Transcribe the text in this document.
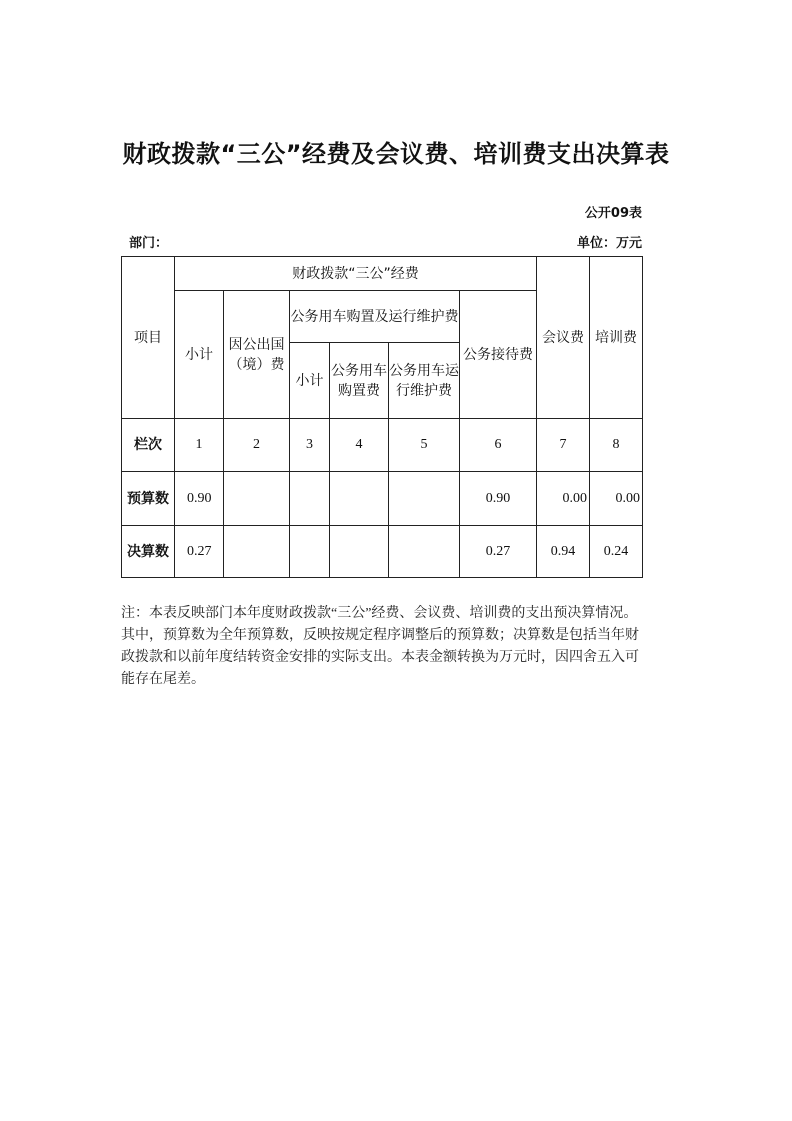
财政拨款“三公”经费及会议费、培训费支出决算表
公开09表
部门：	单位：万元
项目	财政拨款“三公”经费						会议费	培训费
	小计	因公出国（境）费	公务用车购置及运行维护费			公务接待费		
			小计	公务用车购置费	公务用车运行维护费			
栏次	1	2	3	4	5	6	7	8
预算数	0.90					0.90	0.00	0.00
决算数	0.27					0.27	0.94	0.24
注：本表反映部门本年度财政拨款“三公”经费、会议费、培训费的支出预决算情况。其中，预算数为全年预算数，反映按规定程序调整后的预算数；决算数是包括当年财政拨款和以前年度结转资金安排的实际支出。本表金额转换为万元时，因四舍五入可能存在尾差。
